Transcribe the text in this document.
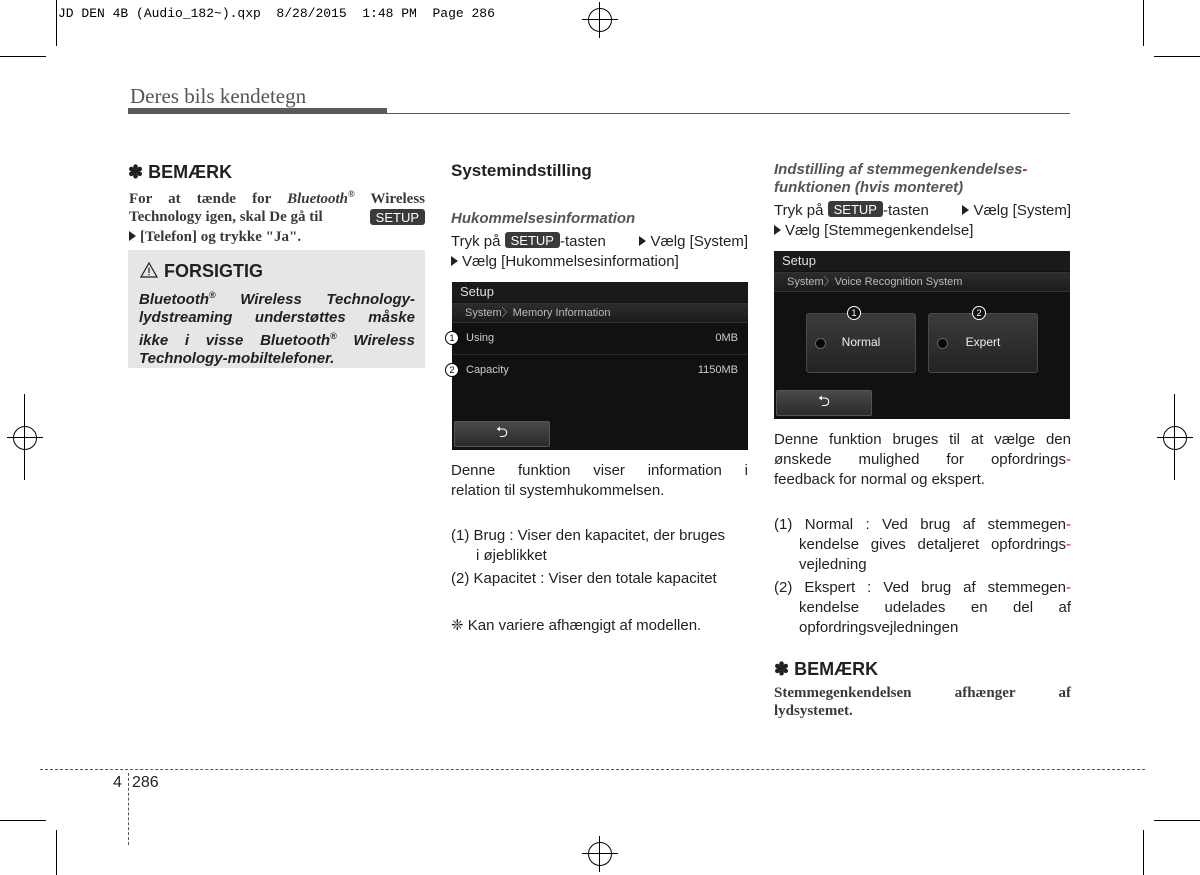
JD DEN 4B (Audio_182~).qxp  8/28/2015  1:48 PM  Page 286
Deres bils kendetegn
✽ BEMÆRK
For at tænde for Bluetooth® Wireless
Technology igen, skal De gå til	SETUP
[Telefon] og trykke "Ja".
FORSIGTIG
Bluetooth® Wireless Technology-
lydstreaming understøttes måske
ikke i visse Bluetooth® Wireless
Technology-mobiltelefoner.
Systemindstilling
Hukommelsesinformation
Tryk på SETUP -tasten	Vælg [System]
Vælg [Hukommelsesinformation]
Setup
System〉Memory Information
Using	0MB
Capacity	1150MB
⮌
1
2
Denne funktion viser information i
relation til systemhukommelsen.
(1) Brug : Viser den kapacitet, der bruges
i øjeblikket
(2) Kapacitet : Viser den totale kapacitet
❈ Kan variere afhængigt af modellen.
Indstilling af stemmegenkendelses-
funktionen (hvis monteret)
Tryk på SETUP -tasten	Vælg [System]
Vælg [Stemmegenkendelse]
Setup
System〉Voice Recognition System
Normal	Expert
⮌
1	2
Denne funktion bruges til at vælge den
ønskede mulighed for opfordrings-
feedback for normal og ekspert.
(1) Normal : Ved brug af stemmegen-
kendelse gives detaljeret opfordrings-
vejledning
(2) Ekspert : Ved brug af stemmegen-
kendelse udelades en del af
opfordringsvejledningen
✽ BEMÆRK
Stemmegenkendelsen afhænger af
lydsystemet.
4 286
